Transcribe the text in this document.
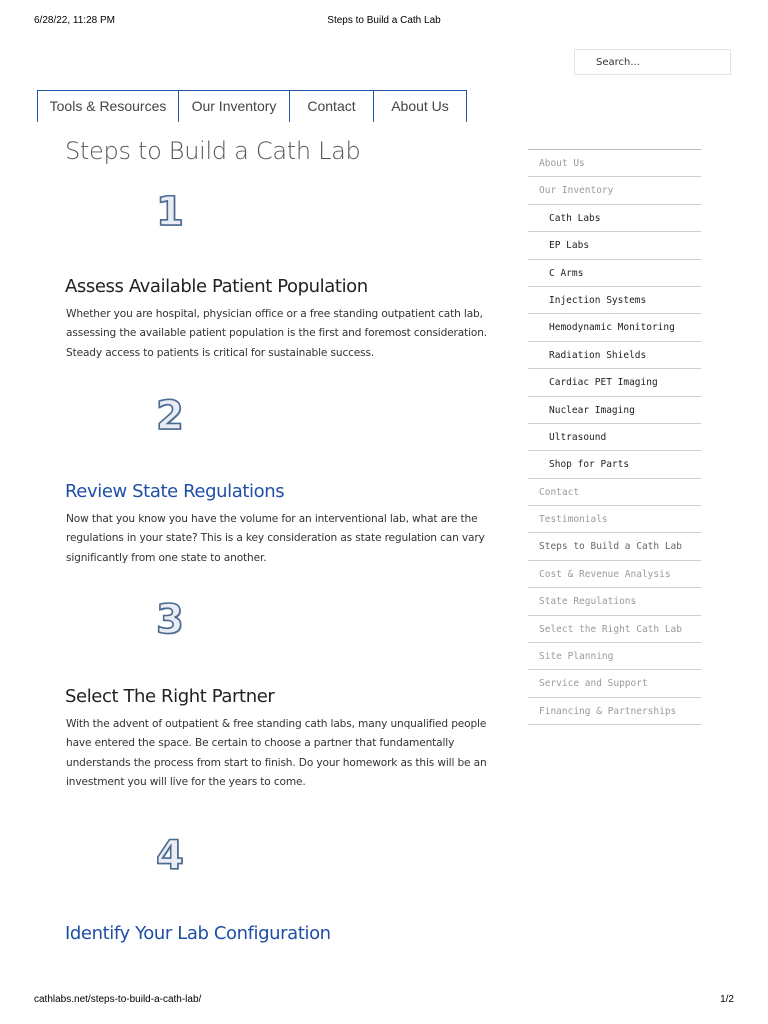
6/28/22, 11:28 PM	Steps to Build a Cath Lab
Search...
Tools & Resources	Our Inventory	Contact	About Us
Steps to Build a Cath Lab
1
Assess Available Patient Population
Whether you are hospital, physician office or a free standing outpatient cath lab, assessing the available patient population is the first and foremost consideration. Steady access to patients is critical for sustainable success.
2
Review State Regulations
Now that you know you have the volume for an interventional lab, what are the regulations in your state? This is a key consideration as state regulation can vary significantly from one state to another.
3
Select The Right Partner
With the advent of outpatient & free standing cath labs, many unqualified people have entered the space. Be certain to choose a partner that fundamentally understands the process from start to finish. Do your homework as this will be an investment you will live for the years to come.
4
Identify Your Lab Configuration
About Us
Our Inventory
Cath Labs
EP Labs
C Arms
Injection Systems
Hemodynamic Monitoring
Radiation Shields
Cardiac PET Imaging
Nuclear Imaging
Ultrasound
Shop for Parts
Contact
Testimonials
Steps to Build a Cath Lab
Cost & Revenue Analysis
State Regulations
Select the Right Cath Lab
Site Planning
Service and Support
Financing & Partnerships
cathlabs.net/steps-to-build-a-cath-lab/	1/2
